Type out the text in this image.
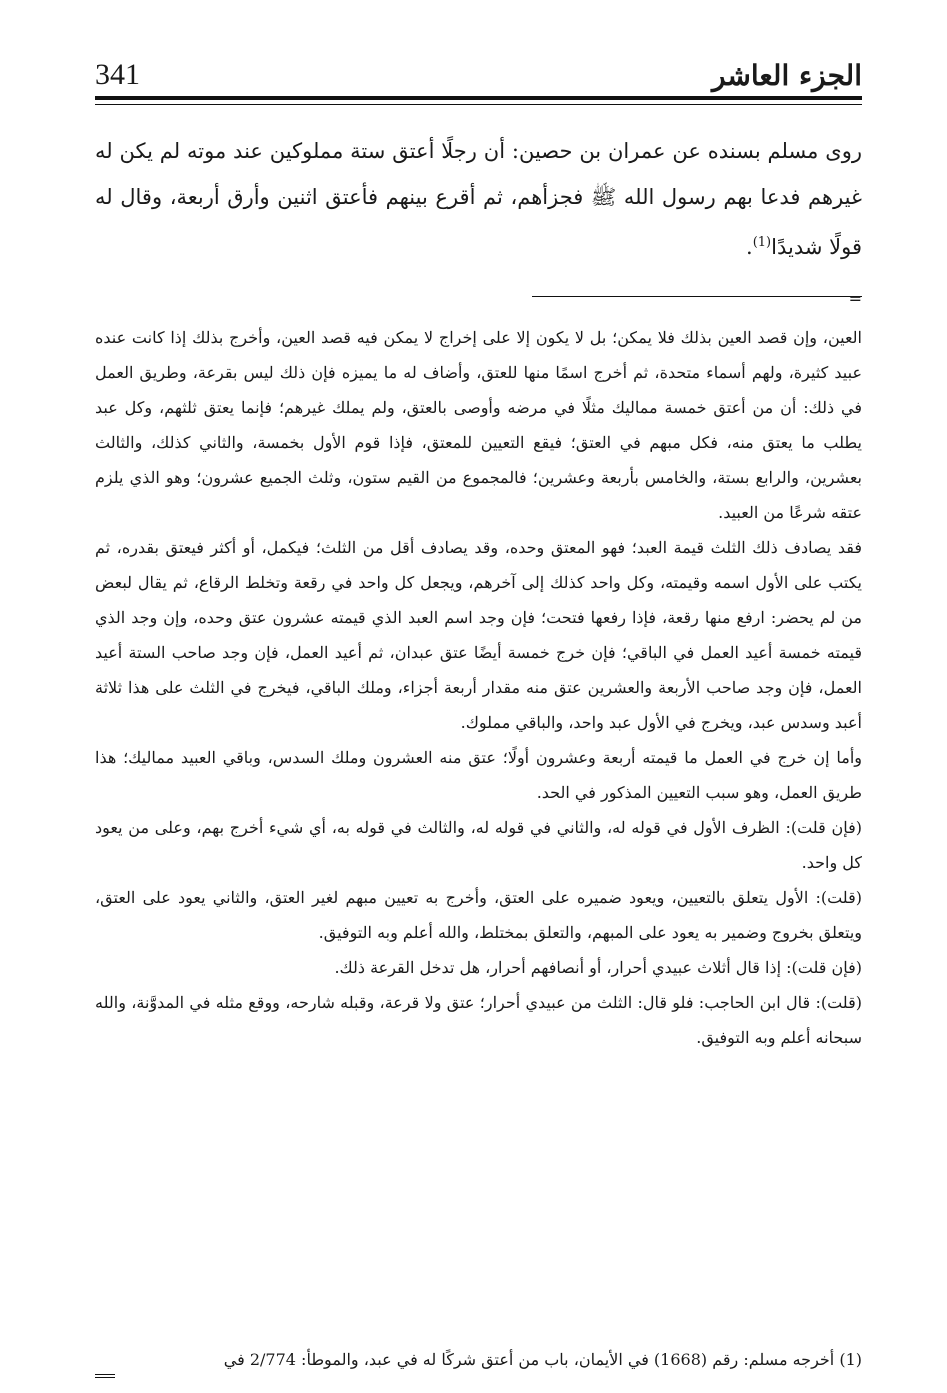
341	الجزء العاشر

روى مسلم بسنده عن عمران بن حصين: أن رجلًا أعتق ستة مملوكين عند موته لم يكن له غيرهم فدعا بهم رسول الله ﷺ فجزأهم، ثم أقرع بينهم فأعتق اثنين وأرق أربعة، وقال له قولًا شديدًا$^{(1)}$.

=

العين، وإن قصد العين بذلك فلا يمكن؛ بل لا يكون إلا على إخراج لا يمكن فيه قصد العين، وأخرج بذلك إذا كانت عنده عبيد كثيرة، ولهم أسماء متحدة، ثم أخرج اسمًا منها للعتق، وأضاف له ما يميزه فإن ذلك ليس بقرعة، وطريق العمل في ذلك: أن من أعتق خمسة مماليك مثلًا في مرضه وأوصى بالعتق، ولم يملك غيرهم؛ فإنما يعتق ثلثهم، وكل عبد يطلب ما يعتق منه، فكل مبهم في العتق؛ فيقع التعيين للمعتق، فإذا قوم الأول بخمسة، والثاني كذلك، والثالث بعشرين، والرابع بستة، والخامس بأربعة وعشرين؛ فالمجموع من القيم ستون، وثلث الجميع عشرون؛ وهو الذي يلزم عتقه شرعًا من العبيد.

فقد يصادف ذلك الثلث قيمة العبد؛ فهو المعتق وحده، وقد يصادف أقل من الثلث؛ فيكمل، أو أكثر فيعتق بقدره، ثم يكتب على الأول اسمه وقيمته، وكل واحد كذلك إلى آخرهم، ويجعل كل واحد في رقعة وتخلط الرقاع، ثم يقال لبعض من لم يحضر: ارفع منها رقعة، فإذا رفعها فتحت؛ فإن وجد اسم العبد الذي قيمته عشرون عتق وحده، وإن وجد الذي قيمته خمسة أعيد العمل في الباقي؛ فإن خرج خمسة أيضًا عتق عبدان، ثم أعيد العمل، فإن وجد صاحب الستة أعيد العمل، فإن وجد صاحب الأربعة والعشرين عتق منه مقدار أربعة أجزاء، وملك الباقي، فيخرج في الثلث على هذا ثلاثة أعبد وسدس عبد، ويخرج في الأول عبد واحد، والباقي مملوك.

وأما إن خرج في العمل ما قيمته أربعة وعشرون أولًا؛ عتق منه العشرون وملك السدس، وباقي العبيد مماليك؛ هذا طريق العمل، وهو سبب التعيين المذكور في الحد.

(فإن قلت): الظرف الأول في قوله له، والثاني في قوله له، والثالث في قوله به، أي شيء أخرج بهم، وعلى من يعود كل واحد.

(قلت): الأول يتعلق بالتعيين، ويعود ضميره على العتق، وأخرج به تعيين مبهم لغير العتق، والثاني يعود على العتق، ويتعلق بخروج وضمير به يعود على المبهم، والتعلق بمختلط، والله أعلم وبه التوفيق.

(فإن قلت): إذا قال أثلاث عبيدي أحرار، أو أنصافهم أحرار، هل تدخل القرعة ذلك.

(قلت): قال ابن الحاجب: فلو قال: الثلث من عبيدي أحرار؛ عتق ولا قرعة، وقبله شارحه، ووقع مثله في المدوَّنة، والله سبحانه أعلم وبه التوفيق.

(1) أخرجه مسلم: رقم (1668) في الأيمان، باب من أعتق شركًا له في عبد، والموطأ: 2/774 في
